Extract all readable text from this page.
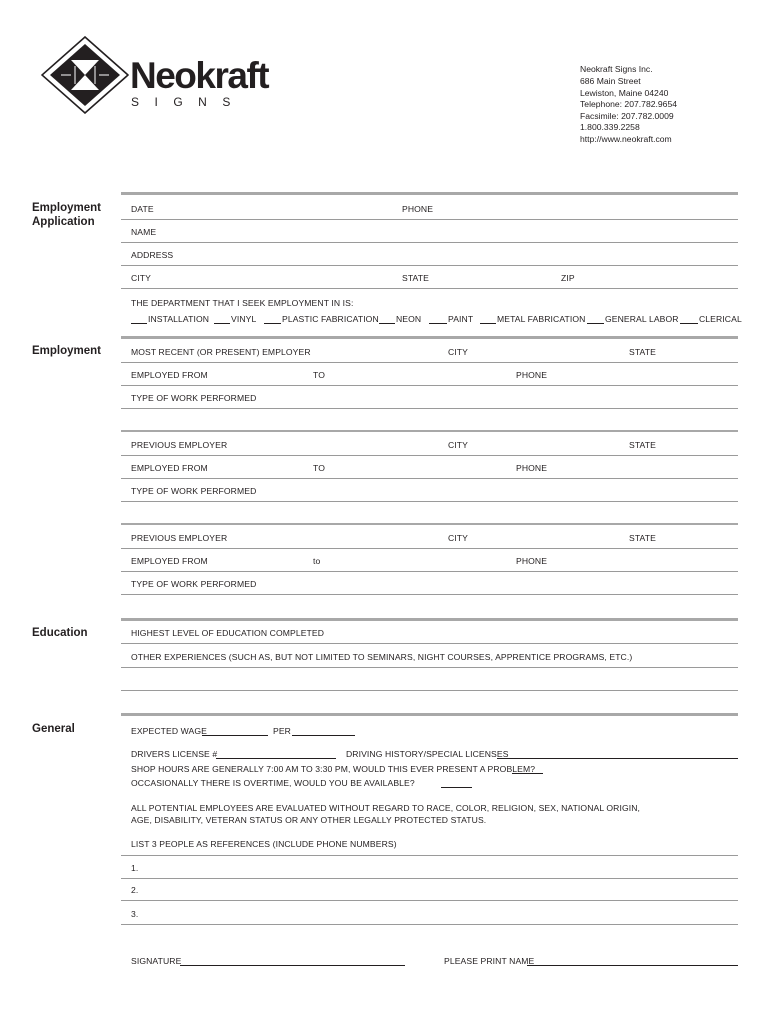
Neokraft
SIGNS
Neokraft Signs Inc.
686 Main Street
Lewiston, Maine 04240
Telephone: 207.782.9654
Facsimile: 207.782.0009
1.800.339.2258
http://www.neokraft.com
Employment
Application
DATE	PHONE
NAME
ADDRESS
CITY	STATE	ZIP
THE DEPARTMENT THAT I SEEK EMPLOYMENT IN IS:
INSTALLATION	VINYL	PLASTIC FABRICATION NEON	PAINT	METAL FABRICATION GENERAL LABOR CLERICAL
Employment	MOST RECENT (OR PRESENT) EMPLOYER	CITY	STATE
EMPLOYED FROM	TO	PHONE
TYPE OF WORK PERFORMED
PREVIOUS EMPLOYER	CITY	STATE
EMPLOYED FROM	TO	PHONE
TYPE OF WORK PERFORMED
PREVIOUS EMPLOYER	CITY	STATE
EMPLOYED FROM	to	PHONE
TYPE OF WORK PERFORMED
Education	HIGHEST LEVEL OF EDUCATION COMPLETED
OTHER EXPERIENCES (SUCH AS, BUT NOT LIMITED TO SEMINARS, NIGHT COURSES, APPRENTICE PROGRAMS, ETC.)
General	EXPECTED WAGE	PER
DRIVERS LICENSE #	DRIVING HISTORY/SPECIAL LICENSES
SHOP HOURS ARE GENERALLY 7:00 AM TO 3:30 PM, WOULD THIS EVER PRESENT A PROBLEM?
OCCASIONALLY THERE IS OVERTIME, WOULD YOU BE AVAILABLE?
ALL POTENTIAL EMPLOYEES ARE EVALUATED WITHOUT REGARD TO RACE, COLOR, RELIGION, SEX, NATIONAL ORIGIN,
AGE, DISABILITY, VETERAN STATUS OR ANY OTHER LEGALLY PROTECTED STATUS.
LIST 3 PEOPLE AS REFERENCES (INCLUDE PHONE NUMBERS)
1.
2.
3.
SIGNATURE	PLEASE PRINT NAME
